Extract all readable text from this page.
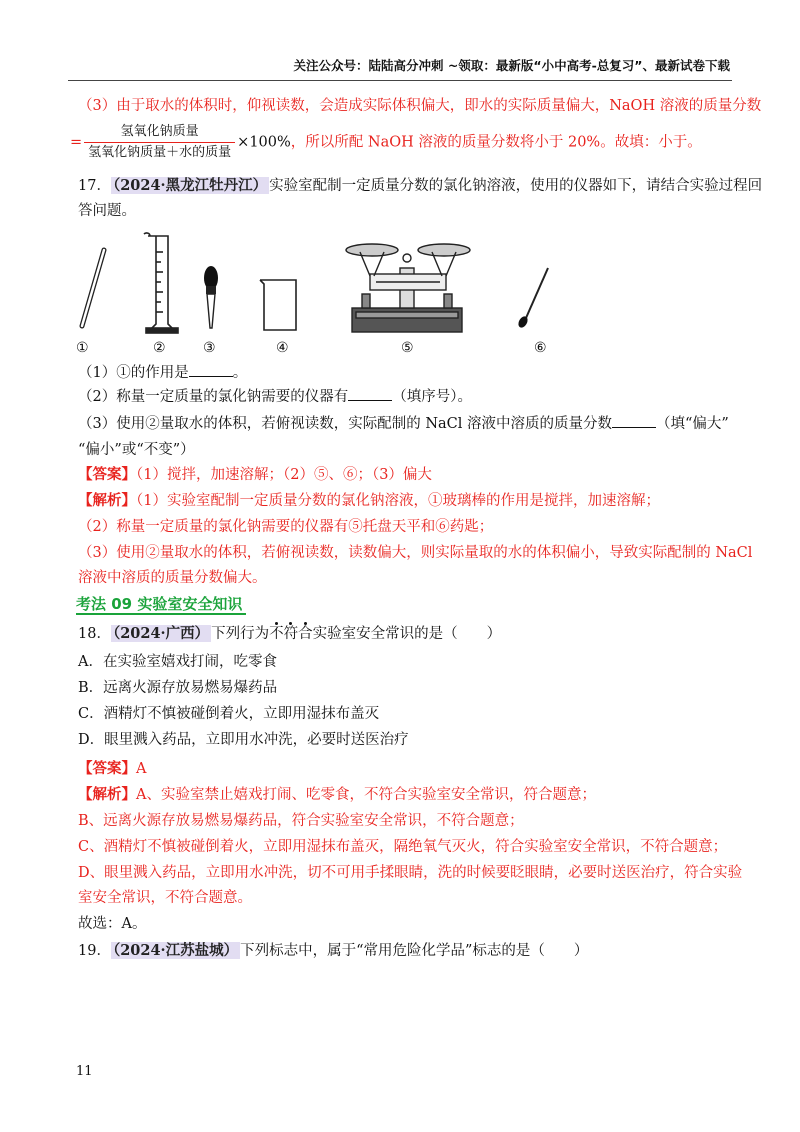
关注公众号：陆陆高分冲刺 ~领取：最新版“小中高考-总复习”、最新试卷下载
（3）由于取水的体积时，仰视读数，会造成实际体积偏大，即水的实际质量偏大，NaOH 溶液的质量分数
= $\frac{\text{氢氧化钠质量}}{\text{氢氧化钠质量＋水的质量}} \times 100\%$，所以所配 NaOH 溶液的质量分数将小于 20%。故填：小于。
17． （2024·黑龙江牡丹江） 实验室配制一定质量分数的氯化钠溶液，使用的仪器如下，请结合实验过程回
答问题。
①	②	③	④	⑤	⑥
（1）①的作用是	。
（2）称量一定质量的氯化钠需要的仪器有	（填序号）。
（3）使用②量取水的体积，若俯视读数，实际配制的 NaCl 溶液中溶质的质量分数	（填“偏大”
“偏小”或“不变”）
【答案】（1）搅拌，加速溶解；（2）⑤、⑥；（3）偏大
【解析】（1）实验室配制一定质量分数的氯化钠溶液，①玻璃棒的作用是搅拌，加速溶解；
（2）称量一定质量的氯化钠需要的仪器有⑤托盘天平和⑥药匙；
（3）使用②量取水的体积，若俯视读数，读数偏大，则实际量取的水的体积偏小，导致实际配制的 NaCl
溶液中溶质的质量分数偏大。
考法 09 实验室安全知识
18． （2024·广西） 下列行为不符合实验室安全常识的是（　　）
A．在实验室嬉戏打闹，吃零食
B．远离火源存放易燃易爆药品
C．酒精灯不慎被碰倒着火，立即用湿抹布盖灭
D．眼里溅入药品，立即用水冲洗，必要时送医治疗
【答案】A
【解析】A、实验室禁止嬉戏打闹、吃零食，不符合实验室安全常识，符合题意；
B、远离火源存放易燃易爆药品，符合实验室安全常识，不符合题意；
C、酒精灯不慎被碰倒着火，立即用湿抹布盖灭，隔绝氧气灭火，符合实验室安全常识，不符合题意；
D、眼里溅入药品，立即用水冲洗，切不可用手揉眼睛，洗的时候要眨眼睛，必要时送医治疗，符合实验
室安全常识，不符合题意。
故选：A。
19． （2024·江苏盐城） 下列标志中，属于“常用危险化学品”标志的是（　　）
11
